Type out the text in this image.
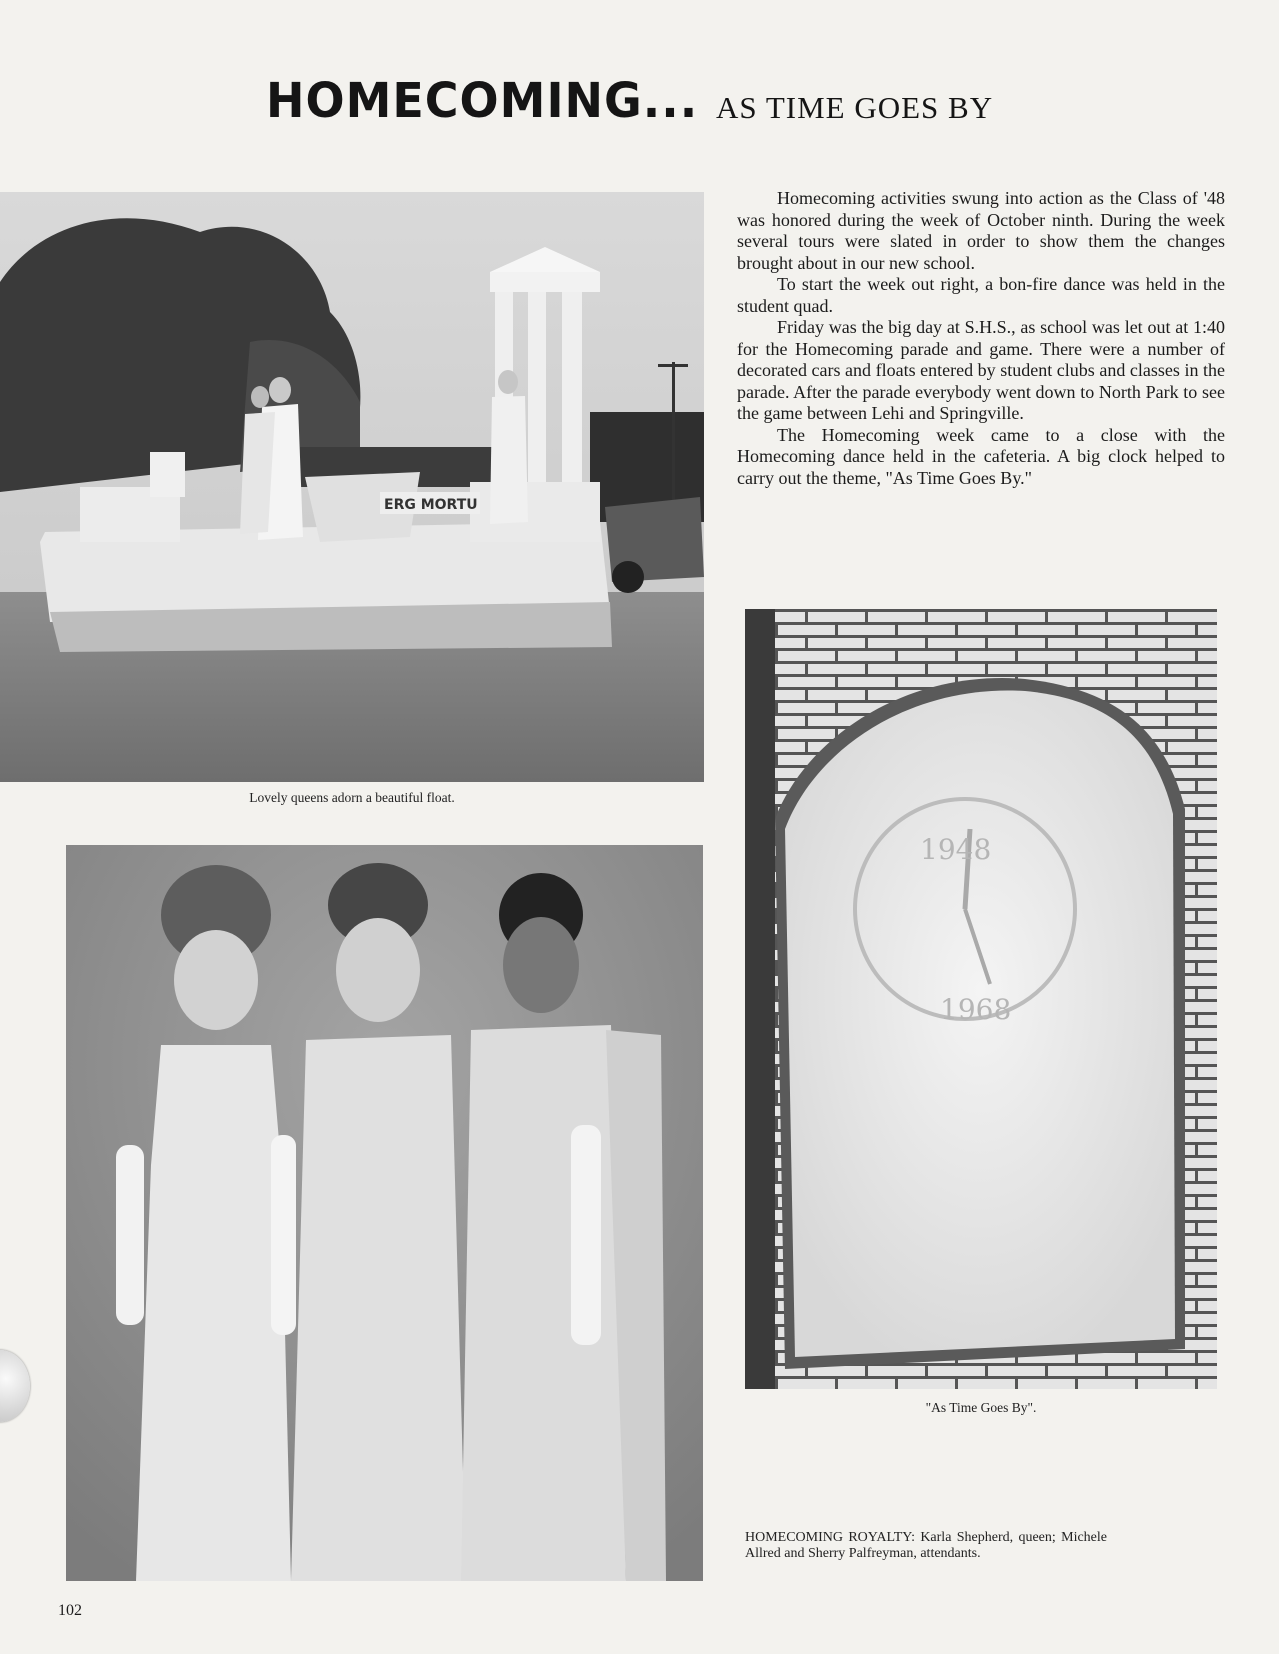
HOMECOMING... AS TIME GOES BY
ERG MORTU
Lovely queens adorn a beautiful float.

Homecoming activities swung into action as the Class of '48 was honored during the week of October ninth. During the week several tours were slated in order to show them the changes brought about in our new school.

To start the week out right, a bon-fire dance was held in the student quad.

Friday was the big day at S.H.S., as school was let out at 1:40 for the Homecoming parade and game. There were a number of decorated cars and floats entered by student clubs and classes in the parade. After the parade everybody went down to North Park to see the game between Lehi and Springville.

The Homecoming week came to a close with the Homecoming dance held in the cafeteria. A big clock helped to carry out the theme, "As Time Goes By."

1948
1968
"As Time Goes By".
HOMECOMING ROYALTY: Karla Shepherd, queen; Michele Allred and Sherry Palfreyman, attendants.
102
